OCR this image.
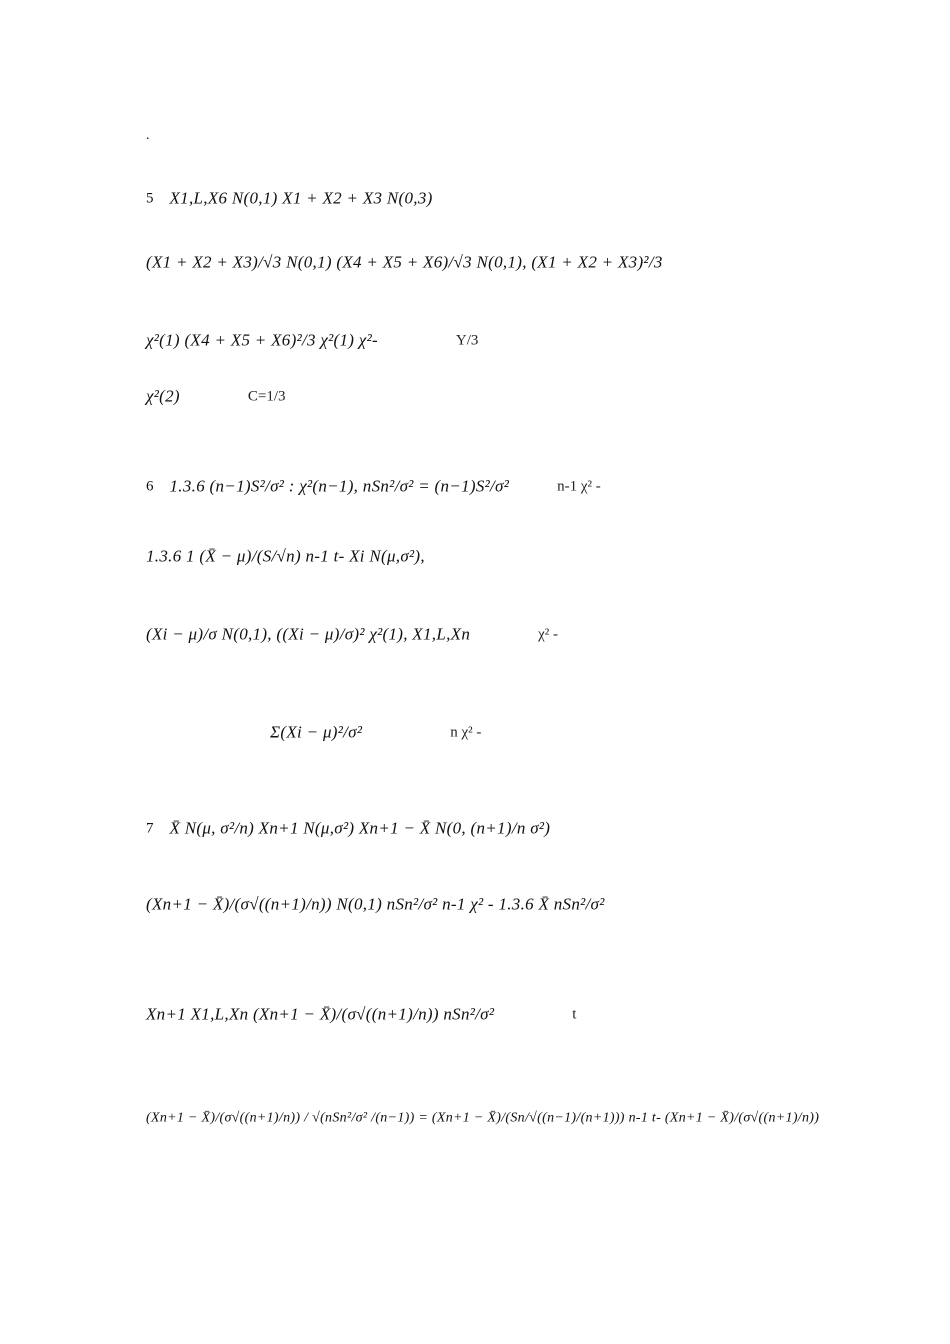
.
5 X1,L,X6 N(0,1) X1 + X2 + X3 N(0,3)
(X1 + X2 + X3)/√3 N(0,1) (X4 + X5 + X6)/√3 N(0,1), (X1 + X2 + X3)²/3
χ²(1) (X4 + X5 + X6)²/3 χ²(1) χ²-	Y/3
χ²(2)	C=1/3
6 1.3.6 (n−1)S²/σ² : χ²(n−1), nSn²/σ² = (n−1)S²/σ²	n-1 χ² -
1.3.6 1 (X̄ − μ)/(S/√n) n-1 t- Xi N(μ,σ²),
(Xi − μ)/σ N(0,1), ((Xi − μ)/σ)² χ²(1), X1,L,Xn	χ² -
Σ(Xi − μ)²/σ²	n χ² -
7 X̄ N(μ, σ²/n) Xn+1 N(μ,σ²) Xn+1 − X̄ N(0, (n+1)/n σ²)
(Xn+1 − X̄)/(σ√((n+1)/n)) N(0,1) nSn²/σ² n-1 χ² - 1.3.6 X̄ nSn²/σ²
Xn+1 X1,L,Xn (Xn+1 − X̄)/(σ√((n+1)/n)) nSn²/σ²	t
(Xn+1 − X̄)/(σ√((n+1)/n)) / √(nSn²/σ² /(n−1)) = (Xn+1 − X̄)/(Sn/√((n−1)/(n+1))) n-1 t- (Xn+1 − X̄)/(σ√((n+1)/n))
